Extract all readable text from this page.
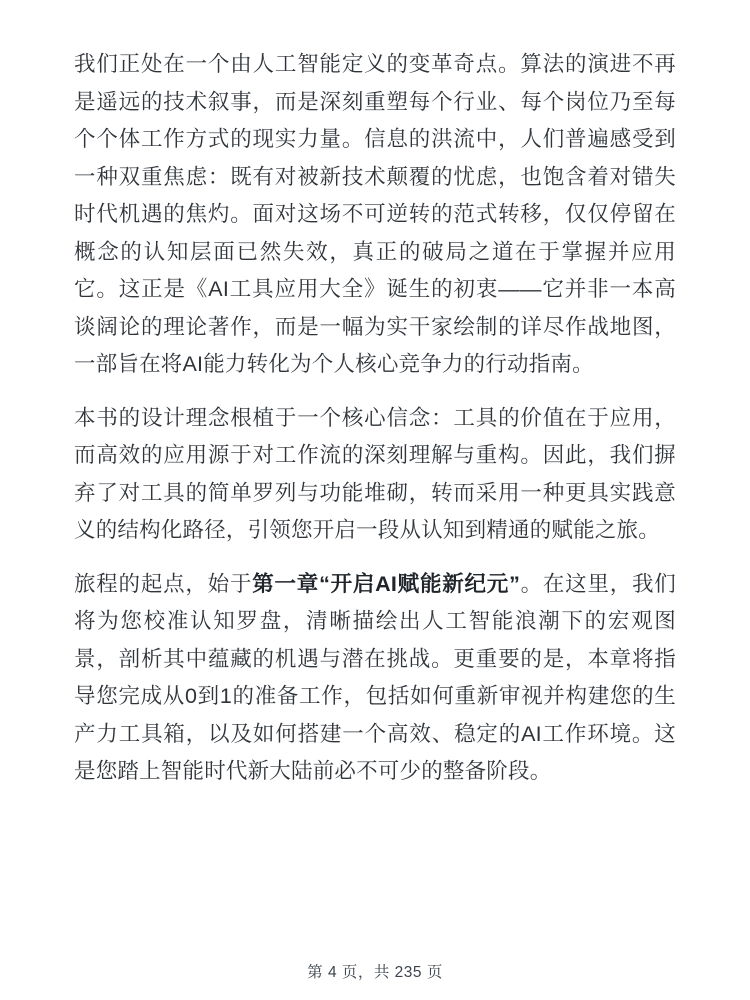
我们正处在一个由人工智能定义的变革奇点。算法的演进不再是遥远的技术叙事，而是深刻重塑每个行业、每个岗位乃至每个个体工作方式的现实力量。信息的洪流中，人们普遍感受到一种双重焦虑：既有对被新技术颠覆的忧虑，也饱含着对错失时代机遇的焦灼。面对这场不可逆转的范式转移，仅仅停留在概念的认知层面已然失效，真正的破局之道在于掌握并应用它。这正是《AI工具应用大全》诞生的初衷——它并非一本高谈阔论的理论著作，而是一幅为实干家绘制的详尽作战地图，一部旨在将AI能力转化为个人核心竞争力的行动指南。

本书的设计理念根植于一个核心信念：工具的价值在于应用，而高效的应用源于对工作流的深刻理解与重构。因此，我们摒弃了对工具的简单罗列与功能堆砌，转而采用一种更具实践意义的结构化路径，引领您开启一段从认知到精通的赋能之旅。

旅程的起点，始于第一章“开启AI赋能新纪元”。在这里，我们将为您校准认知罗盘，清晰描绘出人工智能浪潮下的宏观图景，剖析其中蕴藏的机遇与潜在挑战。更重要的是，本章将指导您完成从0到1的准备工作，包括如何重新审视并构建您的生产力工具箱，以及如何搭建一个高效、稳定的AI工作环境。这是您踏上智能时代新大陆前必不可少的整备阶段。

第 4 页，共 235 页
